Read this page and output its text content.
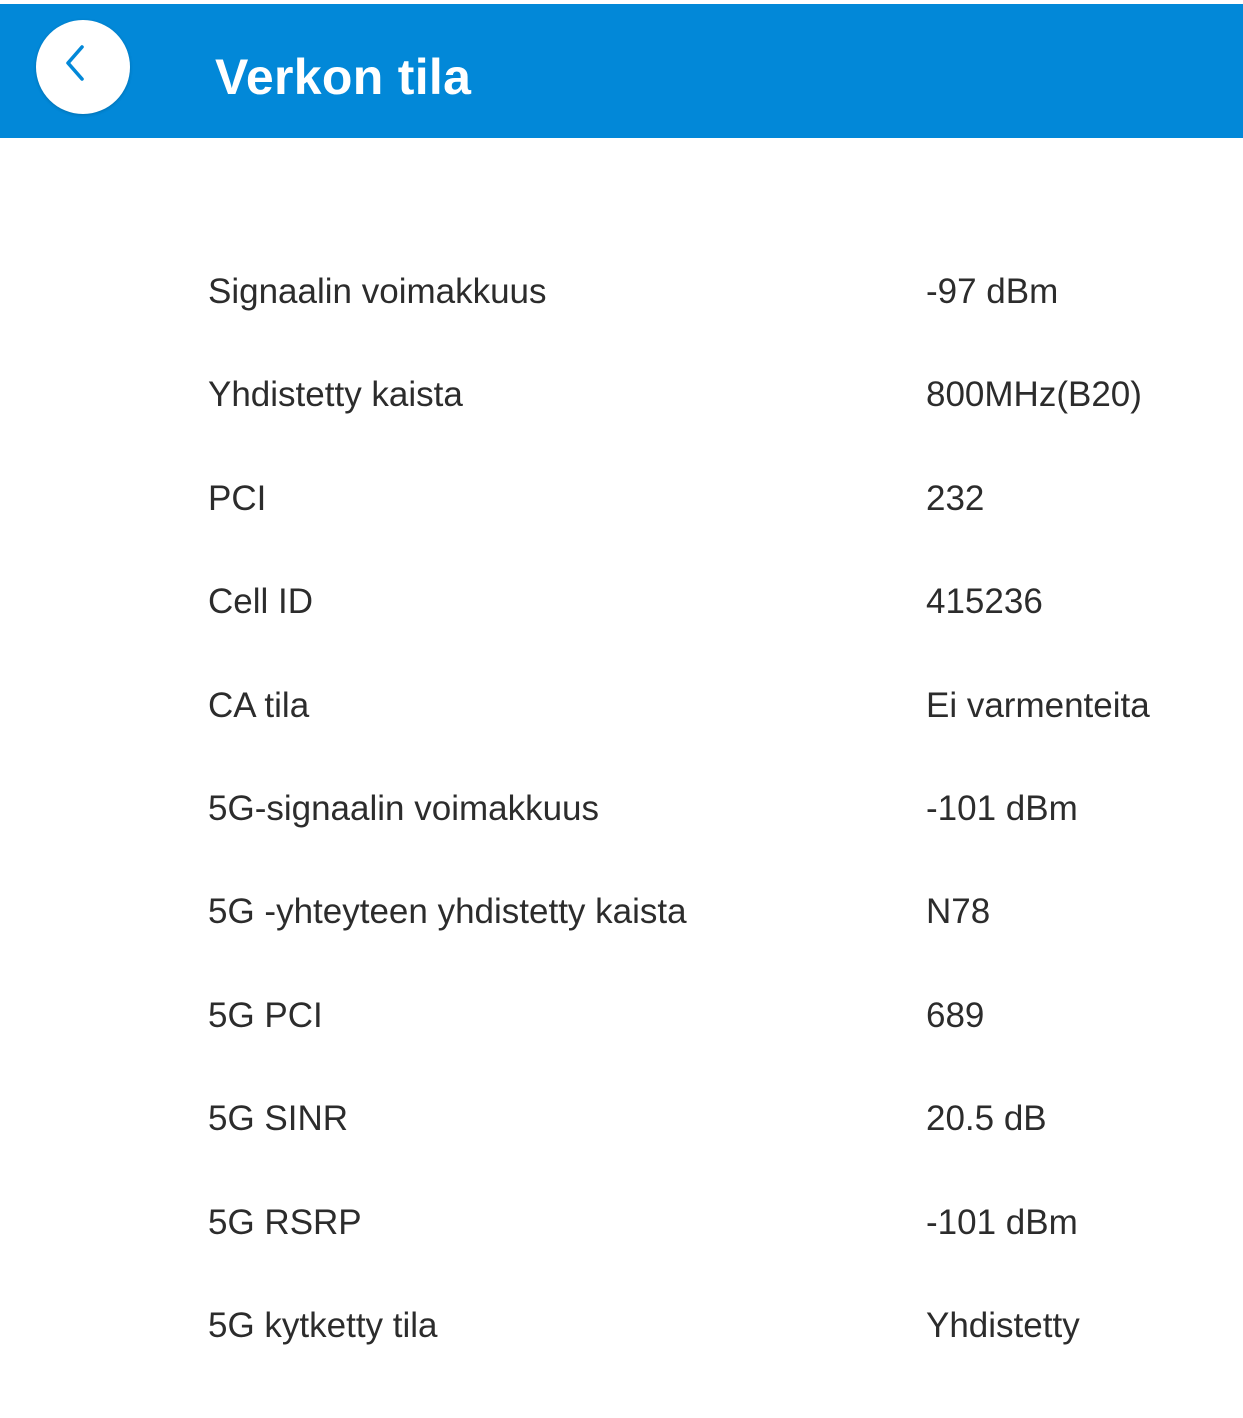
Verkon tila
Signaalin voimakkuus	-97 dBm
Yhdistetty kaista	800MHz(B20)
PCI	232
Cell ID	415236
CA tila	Ei varmenteita
5G-signaalin voimakkuus	-101 dBm
5G -yhteyteen yhdistetty kaista	N78
5G PCI	689
5G SINR	20.5 dB
5G RSRP	-101 dBm
5G kytketty tila	Yhdistetty
